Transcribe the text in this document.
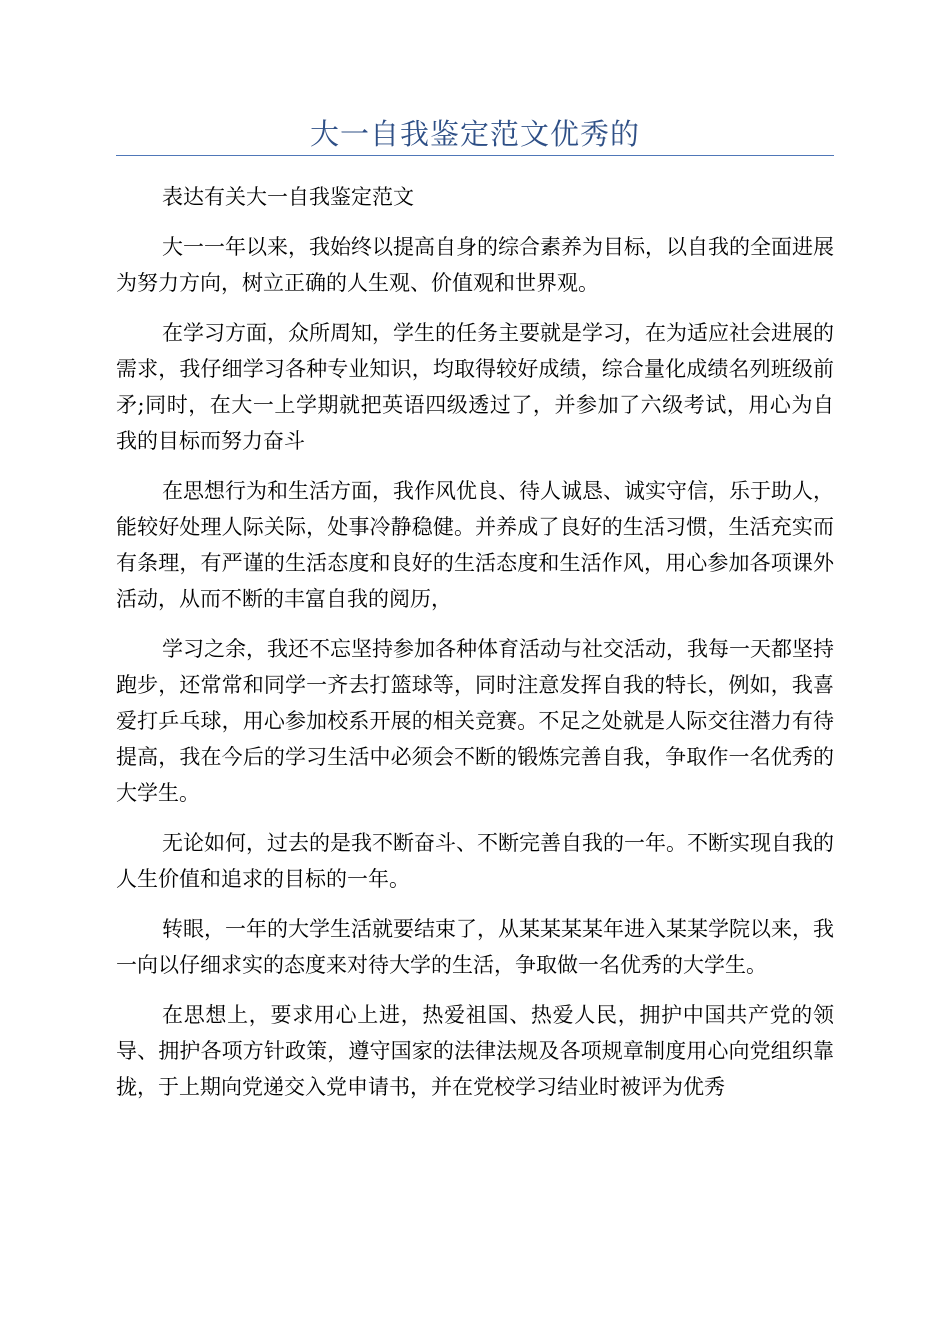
大一自我鉴定范文优秀的
表达有关大一自我鉴定范文
大一一年以来，我始终以提高自身的综合素养为目标，以自我的全面进展为努力方向，树立正确的人生观、价值观和世界观。
在学习方面，众所周知，学生的任务主要就是学习，在为适应社会进展的需求，我仔细学习各种专业知识，均取得较好成绩，综合量化成绩名列班级前矛;同时，在大一上学期就把英语四级透过了，并参加了六级考试，用心为自我的目标而努力奋斗
在思想行为和生活方面，我作风优良、待人诚恳、诚实守信，乐于助人，能较好处理人际关际，处事冷静稳健。并养成了良好的生活习惯，生活充实而有条理，有严谨的生活态度和良好的生活态度和生活作风，用心参加各项课外活动，从而不断的丰富自我的阅历，
学习之余，我还不忘坚持参加各种体育活动与社交活动，我每一天都坚持跑步，还常常和同学一齐去打篮球等，同时注意发挥自我的特长，例如，我喜爱打乒乓球，用心参加校系开展的相关竞赛。不足之处就是人际交往潜力有待提高，我在今后的学习生活中必须会不断的锻炼完善自我，争取作一名优秀的大学生。
无论如何，过去的是我不断奋斗、不断完善自我的一年。不断实现自我的人生价值和追求的目标的一年。
转眼，一年的大学生活就要结束了，从某某某某年进入某某学院以来，我一向以仔细求实的态度来对待大学的生活，争取做一名优秀的大学生。
在思想上，要求用心上进，热爱祖国、热爱人民，拥护中国共产党的领导、拥护各项方针政策，遵守国家的法律法规及各项规章制度用心向党组织靠拢，于上期向党递交入党申请书，并在党校学习结业时被评为优秀
